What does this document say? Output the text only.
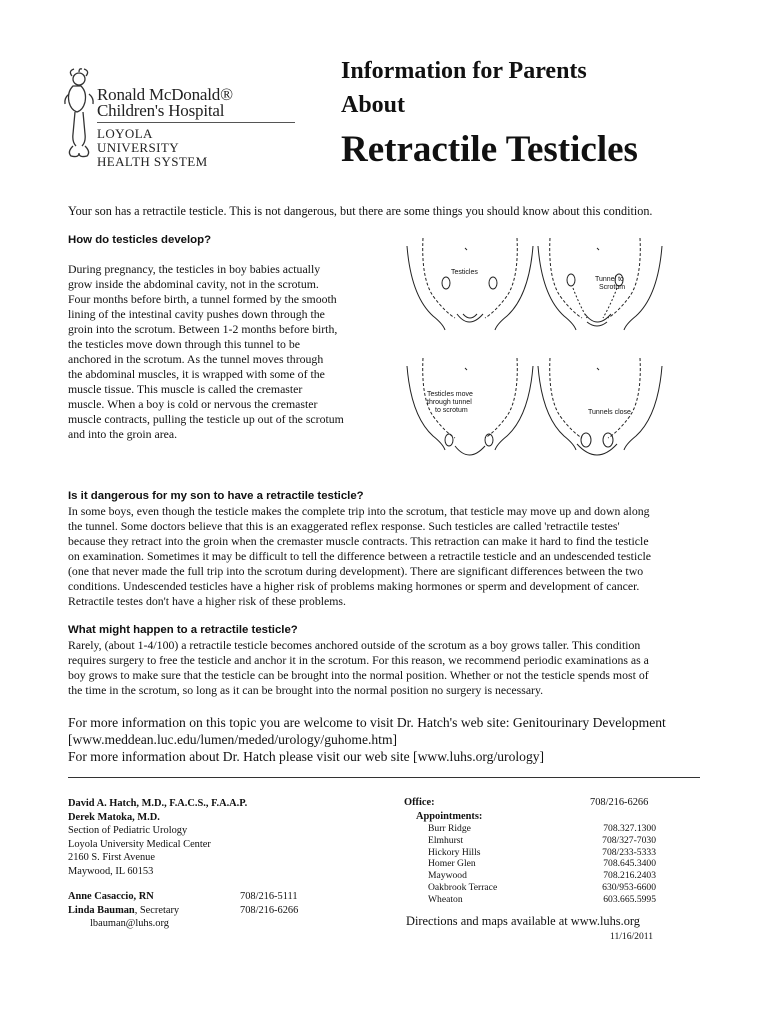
Ronald McDonald®
Children's Hospital
LOYOLA
UNIVERSITY
HEALTH SYSTEM
Information for Parents
About
Retractile Testicles
Your son has a retractile testicle. This is not dangerous, but there are some things you should know about this condition.
How do testicles develop?
During pregnancy, the testicles in boy babies actually
grow inside the abdominal cavity, not in the scrotum.
Four months before birth, a tunnel formed by the smooth
lining of the intestinal cavity pushes down through the
groin into the scrotum. Between 1-2 months before birth,
the testicles move down through this tunnel to be
anchored in the scrotum. As the tunnel moves through
the abdominal muscles, it is wrapped with some of the
muscle tissue. This muscle is called the cremaster
muscle. When a boy is cold or nervous the cremaster
muscle contracts, pulling the testicle up out of the scrotum
and into the groin area.
Testicles
Tunnel to
Scrotum
Testicles move
through tunnel
to scrotum	Tunnels close
Is it dangerous for my son to have a retractile testicle?
In some boys, even though the testicle makes the complete trip into the scrotum, that testicle may move up and down along
the tunnel. Some doctors believe that this is an exaggerated reflex response. Such testicles are called 'retractile testes'
because they retract into the groin when the cremaster muscle contracts. This retraction can make it hard to find the testicle
on examination. Sometimes it may be difficult to tell the difference between a retractile testicle and an undescended testicle
(one that never made the full trip into the scrotum during development). There are significant differences between the two
conditions. Undescended testicles have a higher risk of problems making hormones or sperm and development of cancer.
Retractile testes don't have a higher risk of these problems.
What might happen to a retractile testicle?
Rarely, (about 1-4/100) a retractile testicle becomes anchored outside of the scrotum as a boy grows taller. This condition
requires surgery to free the testicle and anchor it in the scrotum. For this reason, we recommend periodic examinations as a
boy grows to make sure that the testicle can be brought into the normal position. Whether or not the testicle spends most of
the time in the scrotum, so long as it can be brought into the normal position no surgery is necessary.
For more information on this topic you are welcome to visit Dr. Hatch's web site: Genitourinary Development
[www.meddean.luc.edu/lumen/meded/urology/guhome.htm]
For more information about Dr. Hatch please visit our web site [www.luhs.org/urology]
David A. Hatch, M.D., F.A.C.S., F.A.A.P.
Derek Matoka, M.D.
Section of Pediatric Urology
Loyola University Medical Center
2160 S. First Avenue
Maywood, IL 60153
Anne Casaccio, RN	708/216-5111
Linda Bauman, Secretary	708/216-6266
lbauman@luhs.org
Office:	708/216-6266
Appointments:
Burr Ridge	708.327.1300
Elmhurst	708/327-7030
Hickory Hills	708/233-5333
Homer Glen	708.645.3400
Maywood	708.216.2403
Oakbrook Terrace	630/953-6600
Wheaton	603.665.5995
Directions and maps available at www.luhs.org
11/16/2011
